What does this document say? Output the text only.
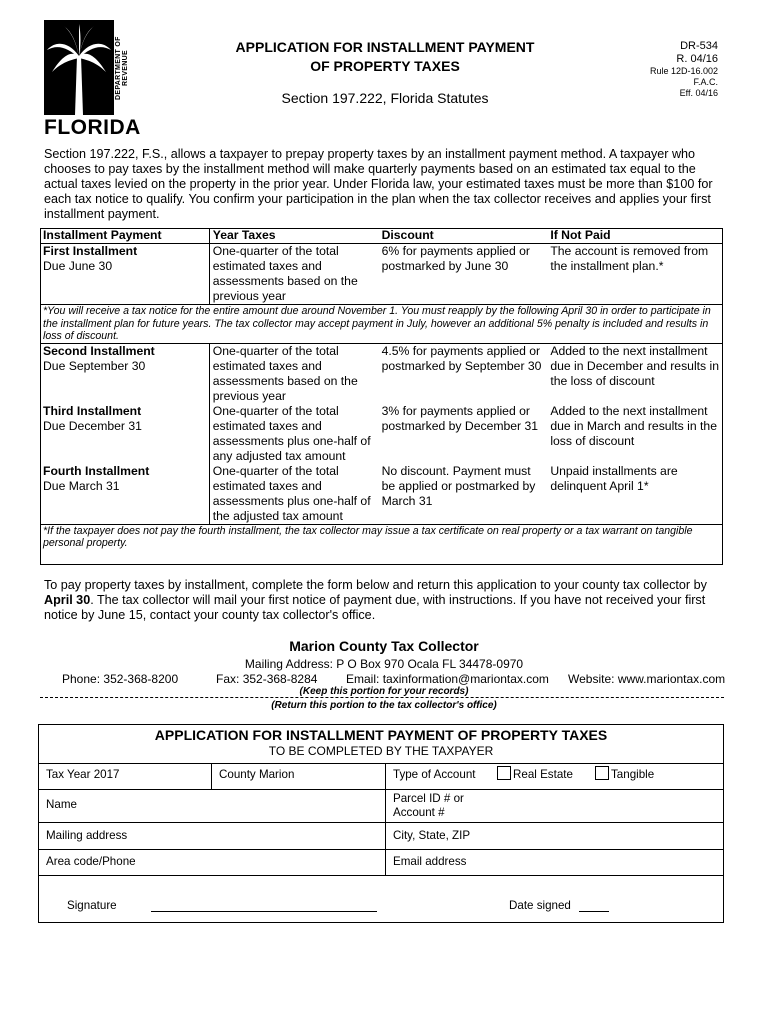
DEPARTMENT OF REVENUE
FLORIDA
APPLICATION FOR INSTALLMENT PAYMENT
OF PROPERTY TAXES
Section 197.222, Florida Statutes
DR-534
R. 04/16
Rule 12D-16.002
F.A.C.
Eff. 04/16
Section 197.222, F.S., allows a taxpayer to prepay property taxes by an installment payment method. A taxpayer who chooses to pay taxes by the installment method will make quarterly payments based on an estimated tax equal to the actual taxes levied on the property in the prior year. Under Florida law, your estimated taxes must be more than $100 for each tax notice to qualify. You confirm your participation in the plan when the tax collector receives and applies your first installment payment.
Installment Payment	Year Taxes	Discount	If Not Paid

First Installment
Due June 30	One-quarter of the total estimated taxes and assessments based on the previous year	6% for payments applied or postmarked by June 30	The account is removed from the installment plan.*
*You will receive a tax notice for the entire amount due around November 1. You must reapply by the following April 30 in order to participate in the installment plan for future years. The tax collector may accept payment in July, however an additional 5% penalty is included and results in loss of discount.			

Second Installment
Due September 30	One-quarter of the total estimated taxes and assessments based on the previous year	4.5% for payments applied or postmarked by September 30	Added to the next installment due in December and results in the loss of discount

Third Installment
Due December 31	One-quarter of the total estimated taxes and assessments plus one-half of any adjusted tax amount	3% for payments applied or postmarked by December 31	Added to the next installment due in March and results in the loss of discount

Fourth Installment
Due March 31	One-quarter of the total estimated taxes and assessments plus one-half of the adjusted tax amount	No discount. Payment must be applied or postmarked by March 31	Unpaid installments are delinquent April 1*
*If the taxpayer does not pay the fourth installment, the tax collector may issue a tax certificate on real property or a tax warrant on tangible personal property.			
To pay property taxes by installment, complete the form below and return this application to your county tax collector by April 30. The tax collector will mail your first notice of payment due, with instructions. If you have not received your first notice by June 15, contact your county tax collector's office.
Marion County Tax Collector
Mailing Address: P O Box 970 Ocala FL 34478-0970
Phone: 352-368-8200	Fax: 352-368-8284 Email: taxinformation@mariontax.com Website: www.mariontax.com
(Keep this portion for your records)
(Return this portion to the tax collector's office)
APPLICATION FOR INSTALLMENT PAYMENT OF PROPERTY TAXES
TO BE COMPLETED BY THE TAXPAYER
Tax Year 2017	County Marion	Type of Account	Real Estate	Tangible
Name	Parcel ID # or
Account #
Mailing address	City, State, ZIP
Area code/Phone	Email address
Signature	Date signed
